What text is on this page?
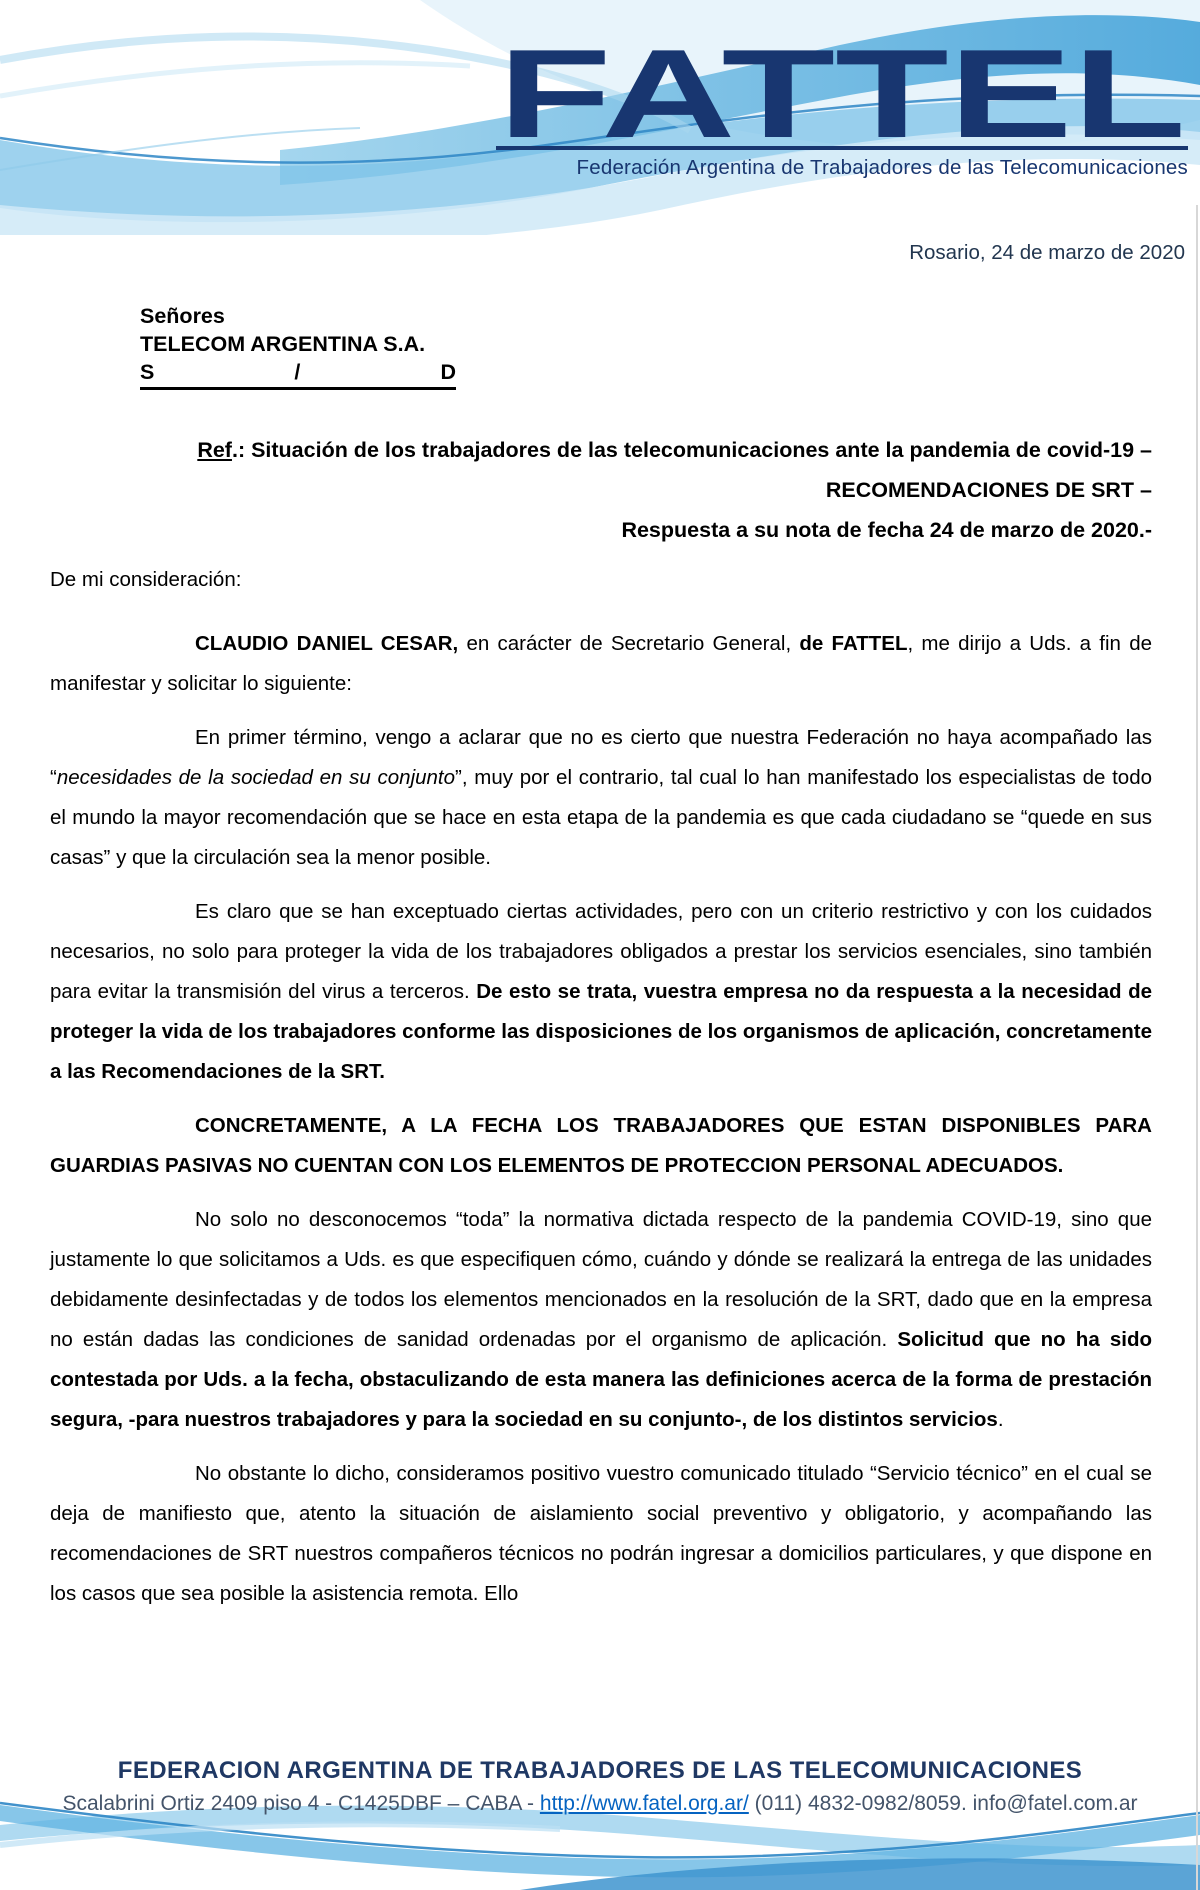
FATTEL
Federación Argentina de Trabajadores de las Telecomunicaciones
Rosario, 24 de marzo de 2020
Señores
TELECOM ARGENTINA S.A.
S	/	D
Ref.: Situación de los trabajadores de las telecomunicaciones ante la pandemia de covid-19 –
RECOMENDACIONES DE SRT –
Respuesta a su nota de fecha 24 de marzo de 2020.-
De mi consideración:

CLAUDIO DANIEL CESAR, en carácter de Secretario General, de FATTEL, me dirijo a Uds. a fin de manifestar y solicitar lo siguiente:

En primer término, vengo a aclarar que no es cierto que nuestra Federación no haya acompañado las “necesidades de la sociedad en su conjunto”, muy por el contrario, tal cual lo han manifestado los especialistas de todo el mundo la mayor recomendación que se hace en esta etapa de la pandemia es que cada ciudadano se “quede en sus casas” y que la circulación sea la menor posible.

Es claro que se han exceptuado ciertas actividades, pero con un criterio restrictivo y con los cuidados necesarios, no solo para proteger la vida de los trabajadores obligados a prestar los servicios esenciales, sino también para evitar la transmisión del virus a terceros. De esto se trata, vuestra empresa no da respuesta a la necesidad de proteger la vida de los trabajadores conforme las disposiciones de los organismos de aplicación, concretamente a las Recomendaciones de la SRT.

CONCRETAMENTE, A LA FECHA LOS TRABAJADORES QUE ESTAN DISPONIBLES PARA GUARDIAS PASIVAS NO CUENTAN CON LOS ELEMENTOS DE PROTECCION PERSONAL ADECUADOS.

No solo no desconocemos “toda” la normativa dictada respecto de la pandemia COVID-19, sino que justamente lo que solicitamos a Uds. es que especifiquen cómo, cuándo y dónde se realizará la entrega de las unidades debidamente desinfectadas y de todos los elementos mencionados en la resolución de la SRT, dado que en la empresa no están dadas las condiciones de sanidad ordenadas por el organismo de aplicación. Solicitud que no ha sido contestada por Uds. a la fecha, obstaculizando de esta manera las definiciones acerca de la forma de prestación segura, -para nuestros trabajadores y para la sociedad en su conjunto-, de los distintos servicios.

No obstante lo dicho, consideramos positivo vuestro comunicado titulado “Servicio técnico” en el cual se deja de manifiesto que, atento la situación de aislamiento social preventivo y obligatorio, y acompañando las recomendaciones de SRT nuestros compañeros técnicos no podrán ingresar a domicilios particulares, y que dispone en los casos que sea posible la asistencia remota. Ello

FEDERACION ARGENTINA DE TRABAJADORES DE LAS TELECOMUNICACIONES
Scalabrini Ortiz 2409 piso 4 - C1425DBF – CABA - http://www.fatel.org.ar/ (011) 4832-0982/8059. info@fatel.com.ar
